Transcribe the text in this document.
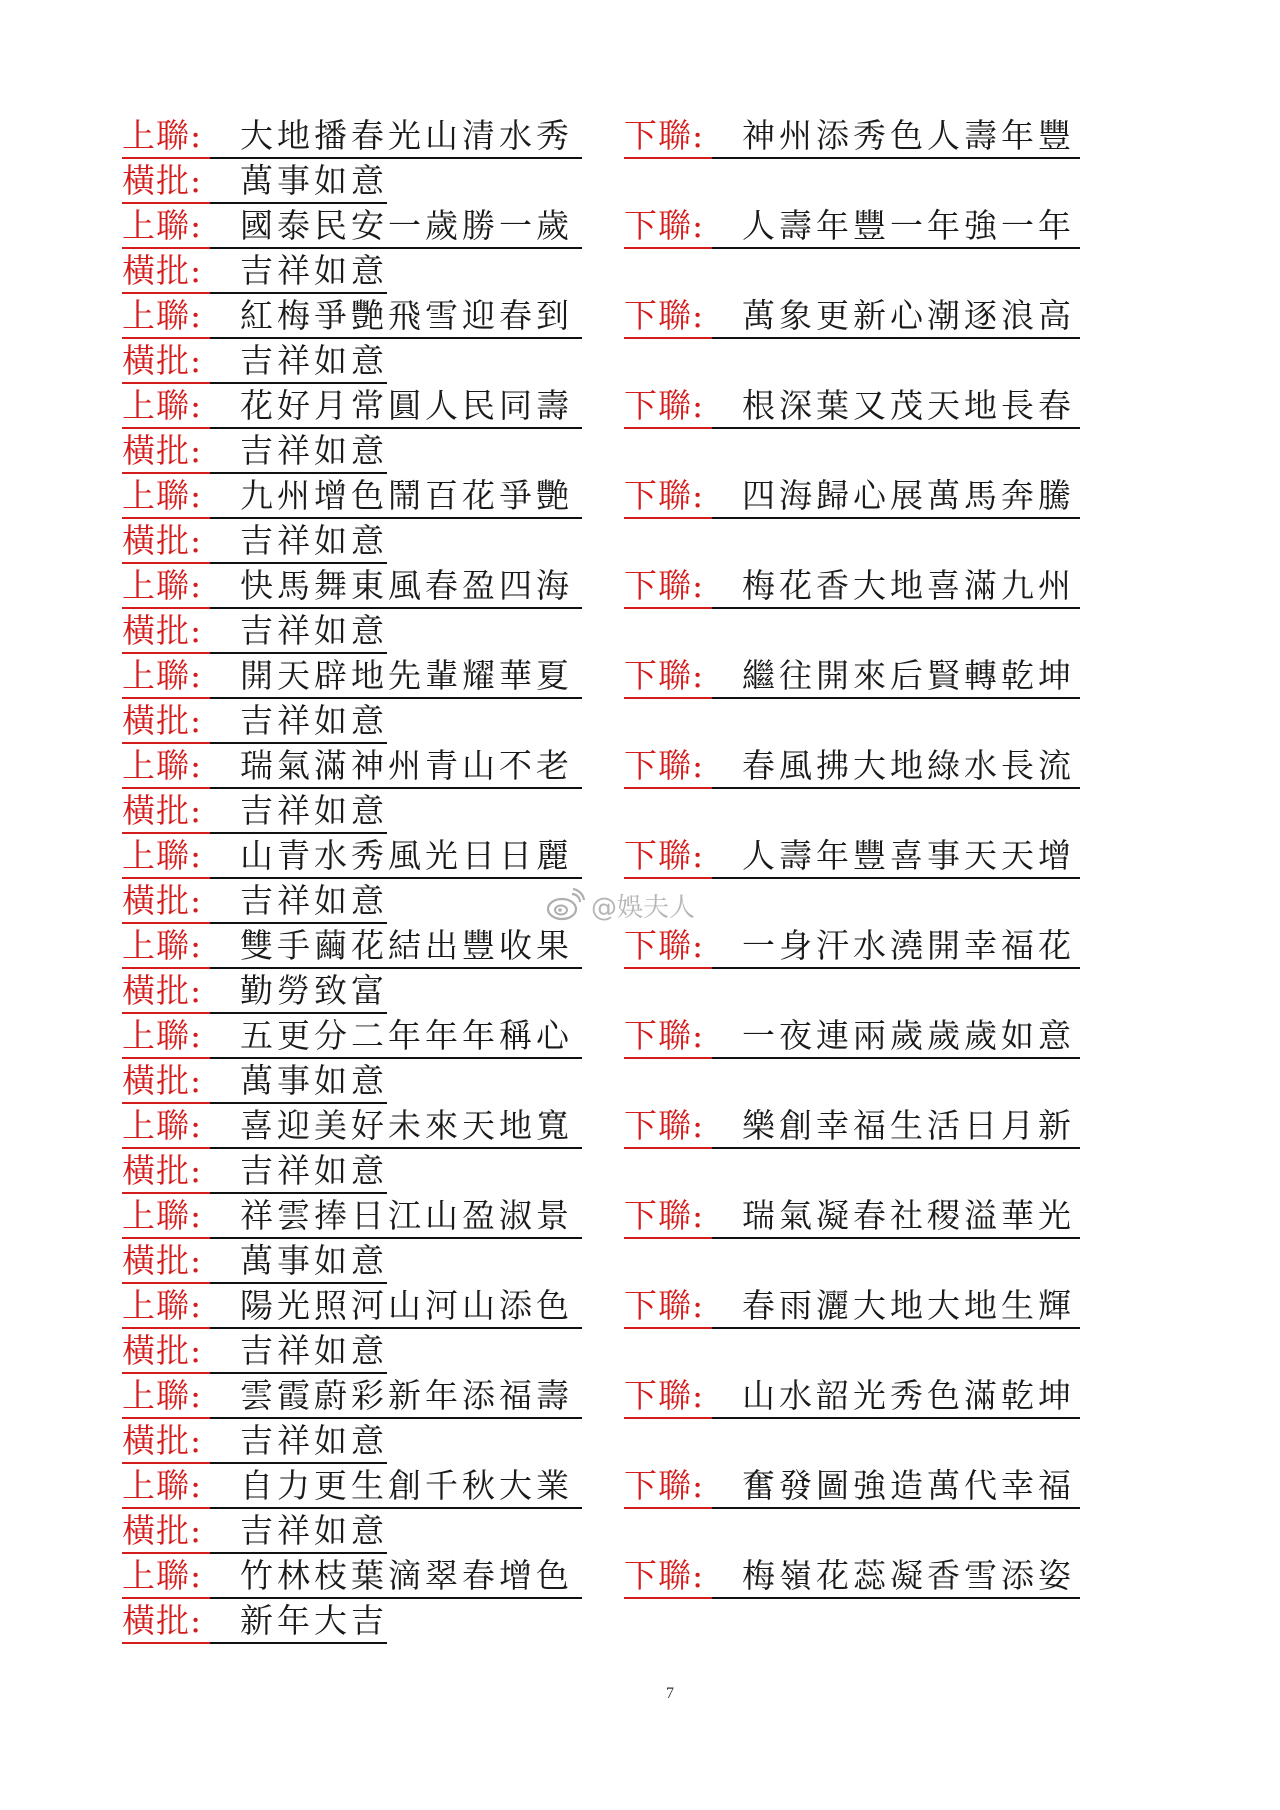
上聯: 大地播春光山清水秀 下聯: 神州添秀色人壽年豐
橫批: 萬事如意
上聯: 國泰民安一歲勝一歲 下聯: 人壽年豐一年強一年
橫批: 吉祥如意
上聯: 紅梅爭艷飛雪迎春到 下聯: 萬象更新心潮逐浪高
橫批: 吉祥如意
上聯: 花好月常圓人民同壽 下聯: 根深葉又茂天地長春
橫批: 吉祥如意
上聯: 九州增色鬧百花爭艷 下聯: 四海歸心展萬馬奔騰
橫批: 吉祥如意
上聯: 快馬舞東風春盈四海 下聯: 梅花香大地喜滿九州
橫批: 吉祥如意
上聯: 開天辟地先輩耀華夏 下聯: 繼往開來后賢轉乾坤
橫批: 吉祥如意
上聯: 瑞氣滿神州青山不老 下聯: 春風拂大地綠水長流
橫批: 吉祥如意
上聯: 山青水秀風光日日麗 下聯: 人壽年豐喜事天天增
橫批: 吉祥如意
上聯: 雙手繭花結出豐收果 下聯: 一身汗水澆開幸福花
橫批: 勤勞致富
上聯: 五更分二年年年稱心 下聯: 一夜連兩歲歲歲如意
橫批: 萬事如意
上聯: 喜迎美好未來天地寬 下聯: 樂創幸福生活日月新
橫批: 吉祥如意
上聯: 祥雲捧日江山盈淑景 下聯: 瑞氣凝春社稷溢華光
橫批: 萬事如意
上聯: 陽光照河山河山添色 下聯: 春雨灑大地大地生輝
橫批: 吉祥如意
上聯: 雲霞蔚彩新年添福壽 下聯: 山水韶光秀色滿乾坤
橫批: 吉祥如意
上聯: 自力更生創千秋大業 下聯: 奮發圖強造萬代幸福
橫批: 吉祥如意
上聯: 竹林枝葉滴翠春增色 下聯: 梅嶺花蕊凝香雪添姿
橫批: 新年大吉
@娛夫人
7
